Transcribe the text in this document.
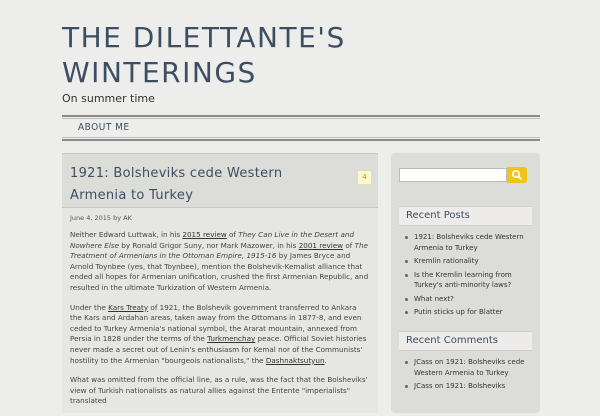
THE DILETTANTE'S WINTERINGS

On summer time

ABOUT ME
1921: Bolsheviks cede Western Armenia to Turkey
4
June 4, 2015 by AK

Neither Edward Luttwak, in his 2015 review of They Can Live in the Desert and Nowhere Else by Ronald Grigor Suny, nor Mark Mazower, in his 2001 review of The Treatment of Armenians in the Ottoman Empire, 1915-16 by James Bryce and Arnold Toynbee (yes, that Toynbee), mention the Bolshevik-Kemalist alliance that ended all hopes for Armenian unification, crushed the first Armenian Republic, and resulted in the ultimate Turkization of Western Armenia.

Under the Kars Treaty of 1921, the Bolshevik government transferred to Ankara the Kars and Ardahan areas, taken away from the Ottomans in 1877-8, and even ceded to Turkey Armenia's national symbol, the Ararat mountain, annexed from Persia in 1828 under the terms of the Turkmenchay peace. Official Soviet histories never made a secret out of Lenin's enthusiasm for Kemal nor of the Communists' hostility to the Armenian "bourgeois nationalists," the Dashnaktsutyun.

What was omitted from the official line, as a rule, was the fact that the Bolsheviks' view of Turkish nationalists as natural allies against the Entente "imperialists" translated

Recent Posts
1921: Bolsheviks cede Western Armenia to Turkey
Kremlin rationality
Is the Kremlin learning from Turkey's anti-minority laws?
What next?
Putin sticks up for Blatter
Recent Comments
JCass on 1921: Bolsheviks cede Western Armenia to Turkey
JCass on 1921: Bolsheviks
